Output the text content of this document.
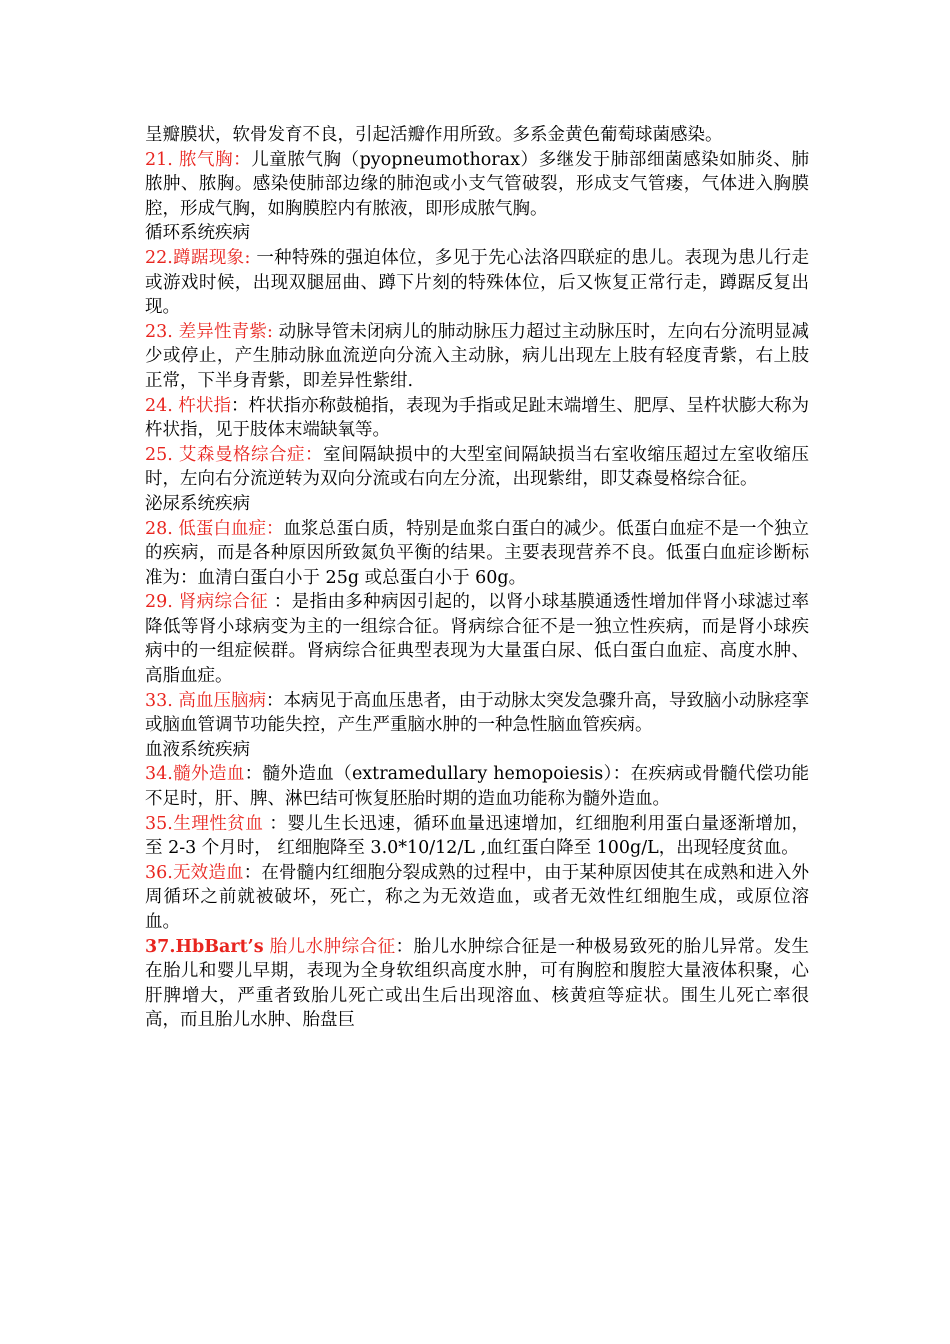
呈瓣膜状，软骨发育不良，引起活瓣作用所致。多系金黄色葡萄球菌感染。

21. 脓气胸：儿童脓气胸（pyopneumothorax）多继发于肺部细菌感染如肺炎、肺脓肿、脓胸。感染使肺部边缘的肺泡或小支气管破裂，形成支气管瘘，气体进入胸膜腔，形成气胸，如胸膜腔内有脓液，即形成脓气胸。

循环系统疾病

22.蹲踞现象: 一种特殊的强迫体位，多见于先心法洛四联症的患儿。表现为患儿行走或游戏时候，出现双腿屈曲、蹲下片刻的特殊体位，后又恢复正常行走，蹲踞反复出现。

23. 差异性青紫: 动脉导管未闭病儿的肺动脉压力超过主动脉压时，左向右分流明显减少或停止，产生肺动脉血流逆向分流入主动脉，病儿出现左上肢有轻度青紫，右上肢正常，下半身青紫，即差异性紫绀.

24. 杵状指：杵状指亦称鼓槌指，表现为手指或足趾末端增生、肥厚、呈杵状膨大称为杵状指，见于肢体末端缺氧等。

25. 艾森曼格综合症：室间隔缺损中的大型室间隔缺损当右室收缩压超过左室收缩压时，左向右分流逆转为双向分流或右向左分流，出现紫绀，即艾森曼格综合征。

泌尿系统疾病

28. 低蛋白血症：血浆总蛋白质，特别是血浆白蛋白的减少。低蛋白血症不是一个独立的疾病，而是各种原因所致氮负平衡的结果。主要表现营养不良。低蛋白血症诊断标准为：血清白蛋白小于 25g 或总蛋白小于 60g。

29. 肾病综合征 ：是指由多种病因引起的，以肾小球基膜通透性增加伴肾小球滤过率降低等肾小球病变为主的一组综合征。肾病综合征不是一独立性疾病，而是肾小球疾病中的一组症候群。肾病综合征典型表现为大量蛋白尿、低白蛋白血症、高度水肿、高脂血症。

33. 高血压脑病：本病见于高血压患者，由于动脉太突发急骤升高，导致脑小动脉痉挛或脑血管调节功能失控，产生严重脑水肿的一种急性脑血管疾病。

血液系统疾病

34.髓外造血：髓外造血（extramedullary hemopoiesis）：在疾病或骨髓代偿功能不足时，肝、脾、淋巴结可恢复胚胎时期的造血功能称为髓外造血。

35.生理性贫血 ：婴儿生长迅速，循环血量迅速增加，红细胞利用蛋白量逐渐增加， 至 2-3 个月时， 红细胞降至 3.0*10/12/L ,血红蛋白降至 100g/L，出现轻度贫血。

36.无效造血：在骨髓内红细胞分裂成熟的过程中，由于某种原因使其在成熟和进入外周循环之前就被破坏，死亡，称之为无效造血，或者无效性红细胞生成，或原位溶血。

37.HbBart’s 胎儿水肿综合征：胎儿水肿综合征是一种极易致死的胎儿异常。发生在胎儿和婴儿早期，表现为全身软组织高度水肿，可有胸腔和腹腔大量液体积聚，心肝脾增大，严重者致胎儿死亡或出生后出现溶血、核黄疸等症状。围生儿死亡率很高，而且胎儿水肿、胎盘巨
